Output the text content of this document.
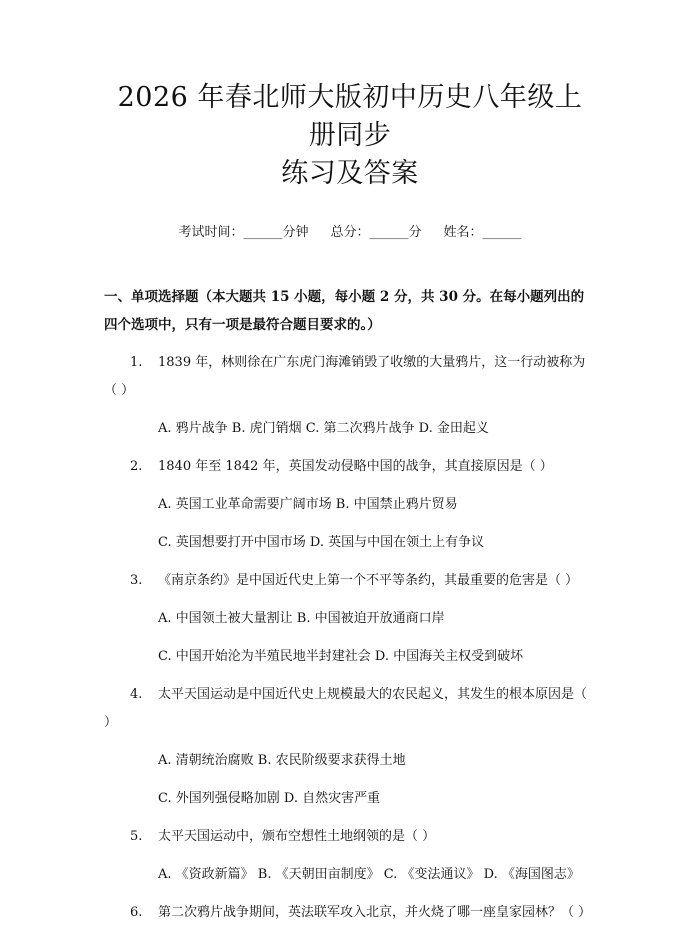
2026 年春北师大版初中历史八年级上册同步
练习及答案
考试时间：______分钟 总分：______分 姓名：______
一、单项选择题（本大题共 15 小题，每小题 2 分，共 30 分。在每小题列出的四个选项中，只有一项是最符合题目要求的。）
1. 1839 年，林则徐在广东虎门海滩销毁了收缴的大量鸦片，这一行动被称为（ ）
A. 鸦片战争 B. 虎门销烟 C. 第二次鸦片战争 D. 金田起义
2. 1840 年至 1842 年，英国发动侵略中国的战争，其直接原因是（ ）
A. 英国工业革命需要广阔市场 B. 中国禁止鸦片贸易
C. 英国想要打开中国市场 D. 英国与中国在领土上有争议
3. 《南京条约》是中国近代史上第一个不平等条约，其最重要的危害是（ ）
A. 中国领土被大量割让 B. 中国被迫开放通商口岸
C. 中国开始沦为半殖民地半封建社会 D. 中国海关主权受到破坏
4. 太平天国运动是中国近代史上规模最大的农民起义，其发生的根本原因是（ ）
A. 清朝统治腐败 B. 农民阶级要求获得土地
C. 外国列强侵略加剧 D. 自然灾害严重
5. 太平天国运动中，颁布空想性土地纲领的是（ ）
A. 《资政新篇》 B. 《天朝田亩制度》 C. 《变法通议》 D. 《海国图志》
6. 第二次鸦片战争期间，英法联军攻入北京，并火烧了哪一座皇家园林？（ ）
